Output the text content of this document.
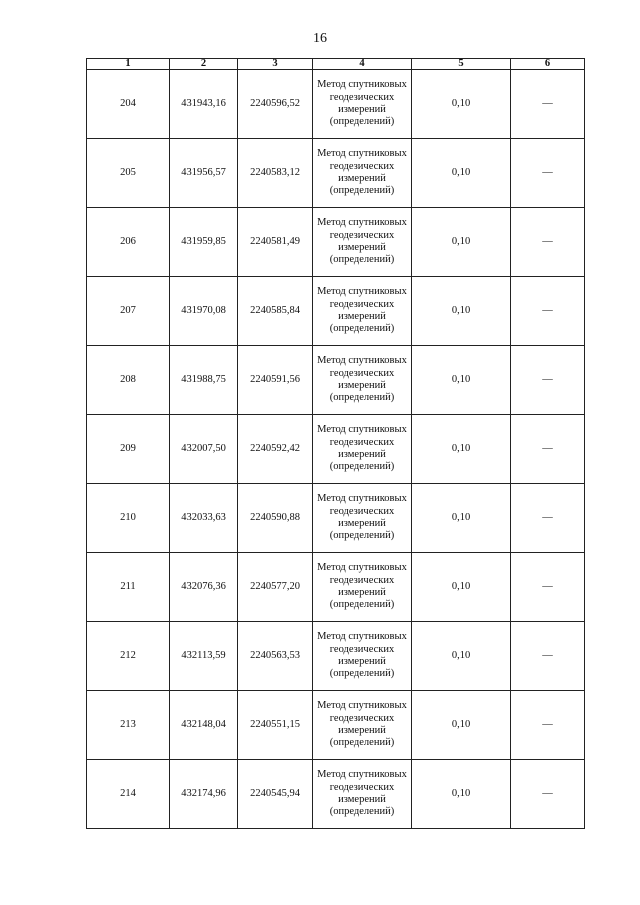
16
1	2	3	4	5	6
204	431943,16	2240596,52	Метод спутниковых геодезических измерений (определений)	0,10	—
205	431956,57	2240583,12	Метод спутниковых геодезических измерений (определений)	0,10	—
206	431959,85	2240581,49	Метод спутниковых геодезических измерений (определений)	0,10	—
207	431970,08	2240585,84	Метод спутниковых геодезических измерений (определений)	0,10	—
208	431988,75	2240591,56	Метод спутниковых геодезических измерений (определений)	0,10	—
209	432007,50	2240592,42	Метод спутниковых геодезических измерений (определений)	0,10	—
210	432033,63	2240590,88	Метод спутниковых геодезических измерений (определений)	0,10	—
211	432076,36	2240577,20	Метод спутниковых геодезических измерений (определений)	0,10	—
212	432113,59	2240563,53	Метод спутниковых геодезических измерений (определений)	0,10	—
213	432148,04	2240551,15	Метод спутниковых геодезических измерений (определений)	0,10	—
214	432174,96	2240545,94	Метод спутниковых геодезических измерений (определений)	0,10	—
